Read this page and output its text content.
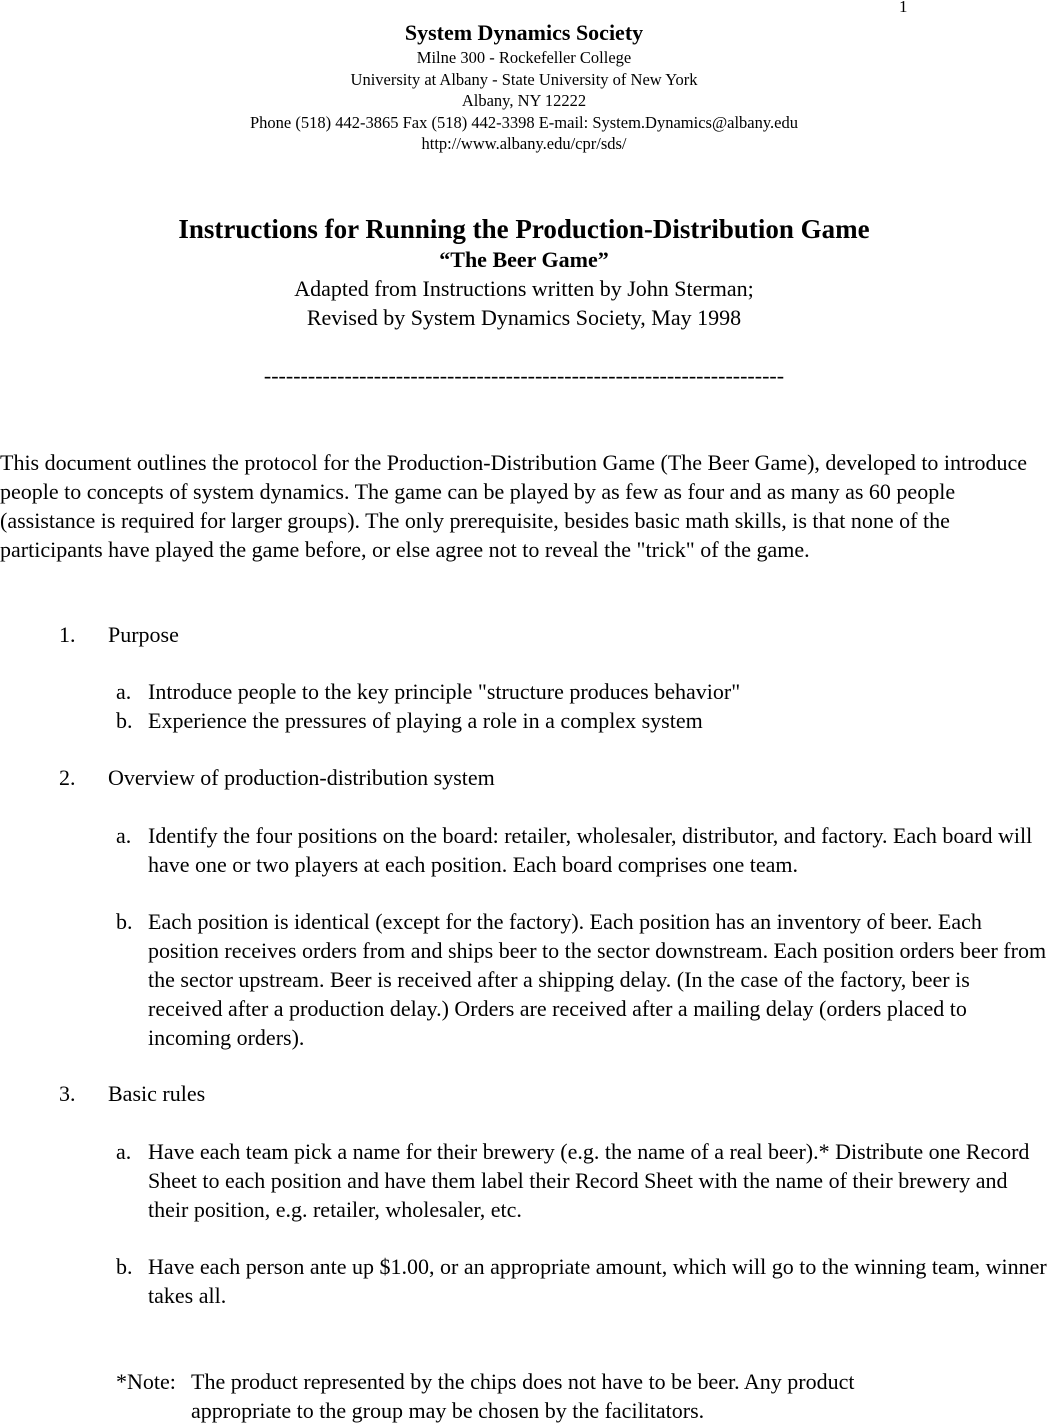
1
System Dynamics Society
Milne 300 - Rockefeller College
University at Albany - State University of New York
Albany, NY 12222
Phone (518) 442-3865 Fax (518) 442-3398 E-mail: System.Dynamics@albany.edu
http://www.albany.edu/cpr/sds/
Instructions for Running the Production-Distribution Game
“The Beer Game”
Adapted from Instructions written by John Sterman;
Revised by System Dynamics Society, May 1998
-----------------------------------------------------------------------

This document outlines the protocol for the Production-Distribution Game (The Beer Game), developed to introduce people to concepts of system dynamics. The game can be played by as few as four and as many as 60 people (assistance is required for larger groups). The only prerequisite, besides basic math skills, is that none of the participants have played the game before, or else agree not to reveal the "trick" of the game.

1. Purpose
a. Introduce people to the key principle "structure produces behavior"
b. Experience the pressures of playing a role in a complex system
2. Overview of production-distribution system
a. Identify the four positions on the board: retailer, wholesaler, distributor, and factory. Each board will have one or two players at each position. Each board comprises one team.
b. Each position is identical (except for the factory). Each position has an inventory of beer. Each position receives orders from and ships beer to the sector downstream. Each position orders beer from the sector upstream. Beer is received after a shipping delay. (In the case of the factory, beer is received after a production delay.) Orders are received after a mailing delay (orders placed to incoming orders).
3. Basic rules
a. Have each team pick a name for their brewery (e.g. the name of a real beer).* Distribute one Record Sheet to each position and have them label their Record Sheet with the name of their brewery and their position, e.g. retailer, wholesaler, etc.
b. Have each person ante up $1.00, or an appropriate amount, which will go to the winning team, winner takes all.
*Note: The product represented by the chips does not have to be beer. Any product appropriate to the group may be chosen by the facilitators.
